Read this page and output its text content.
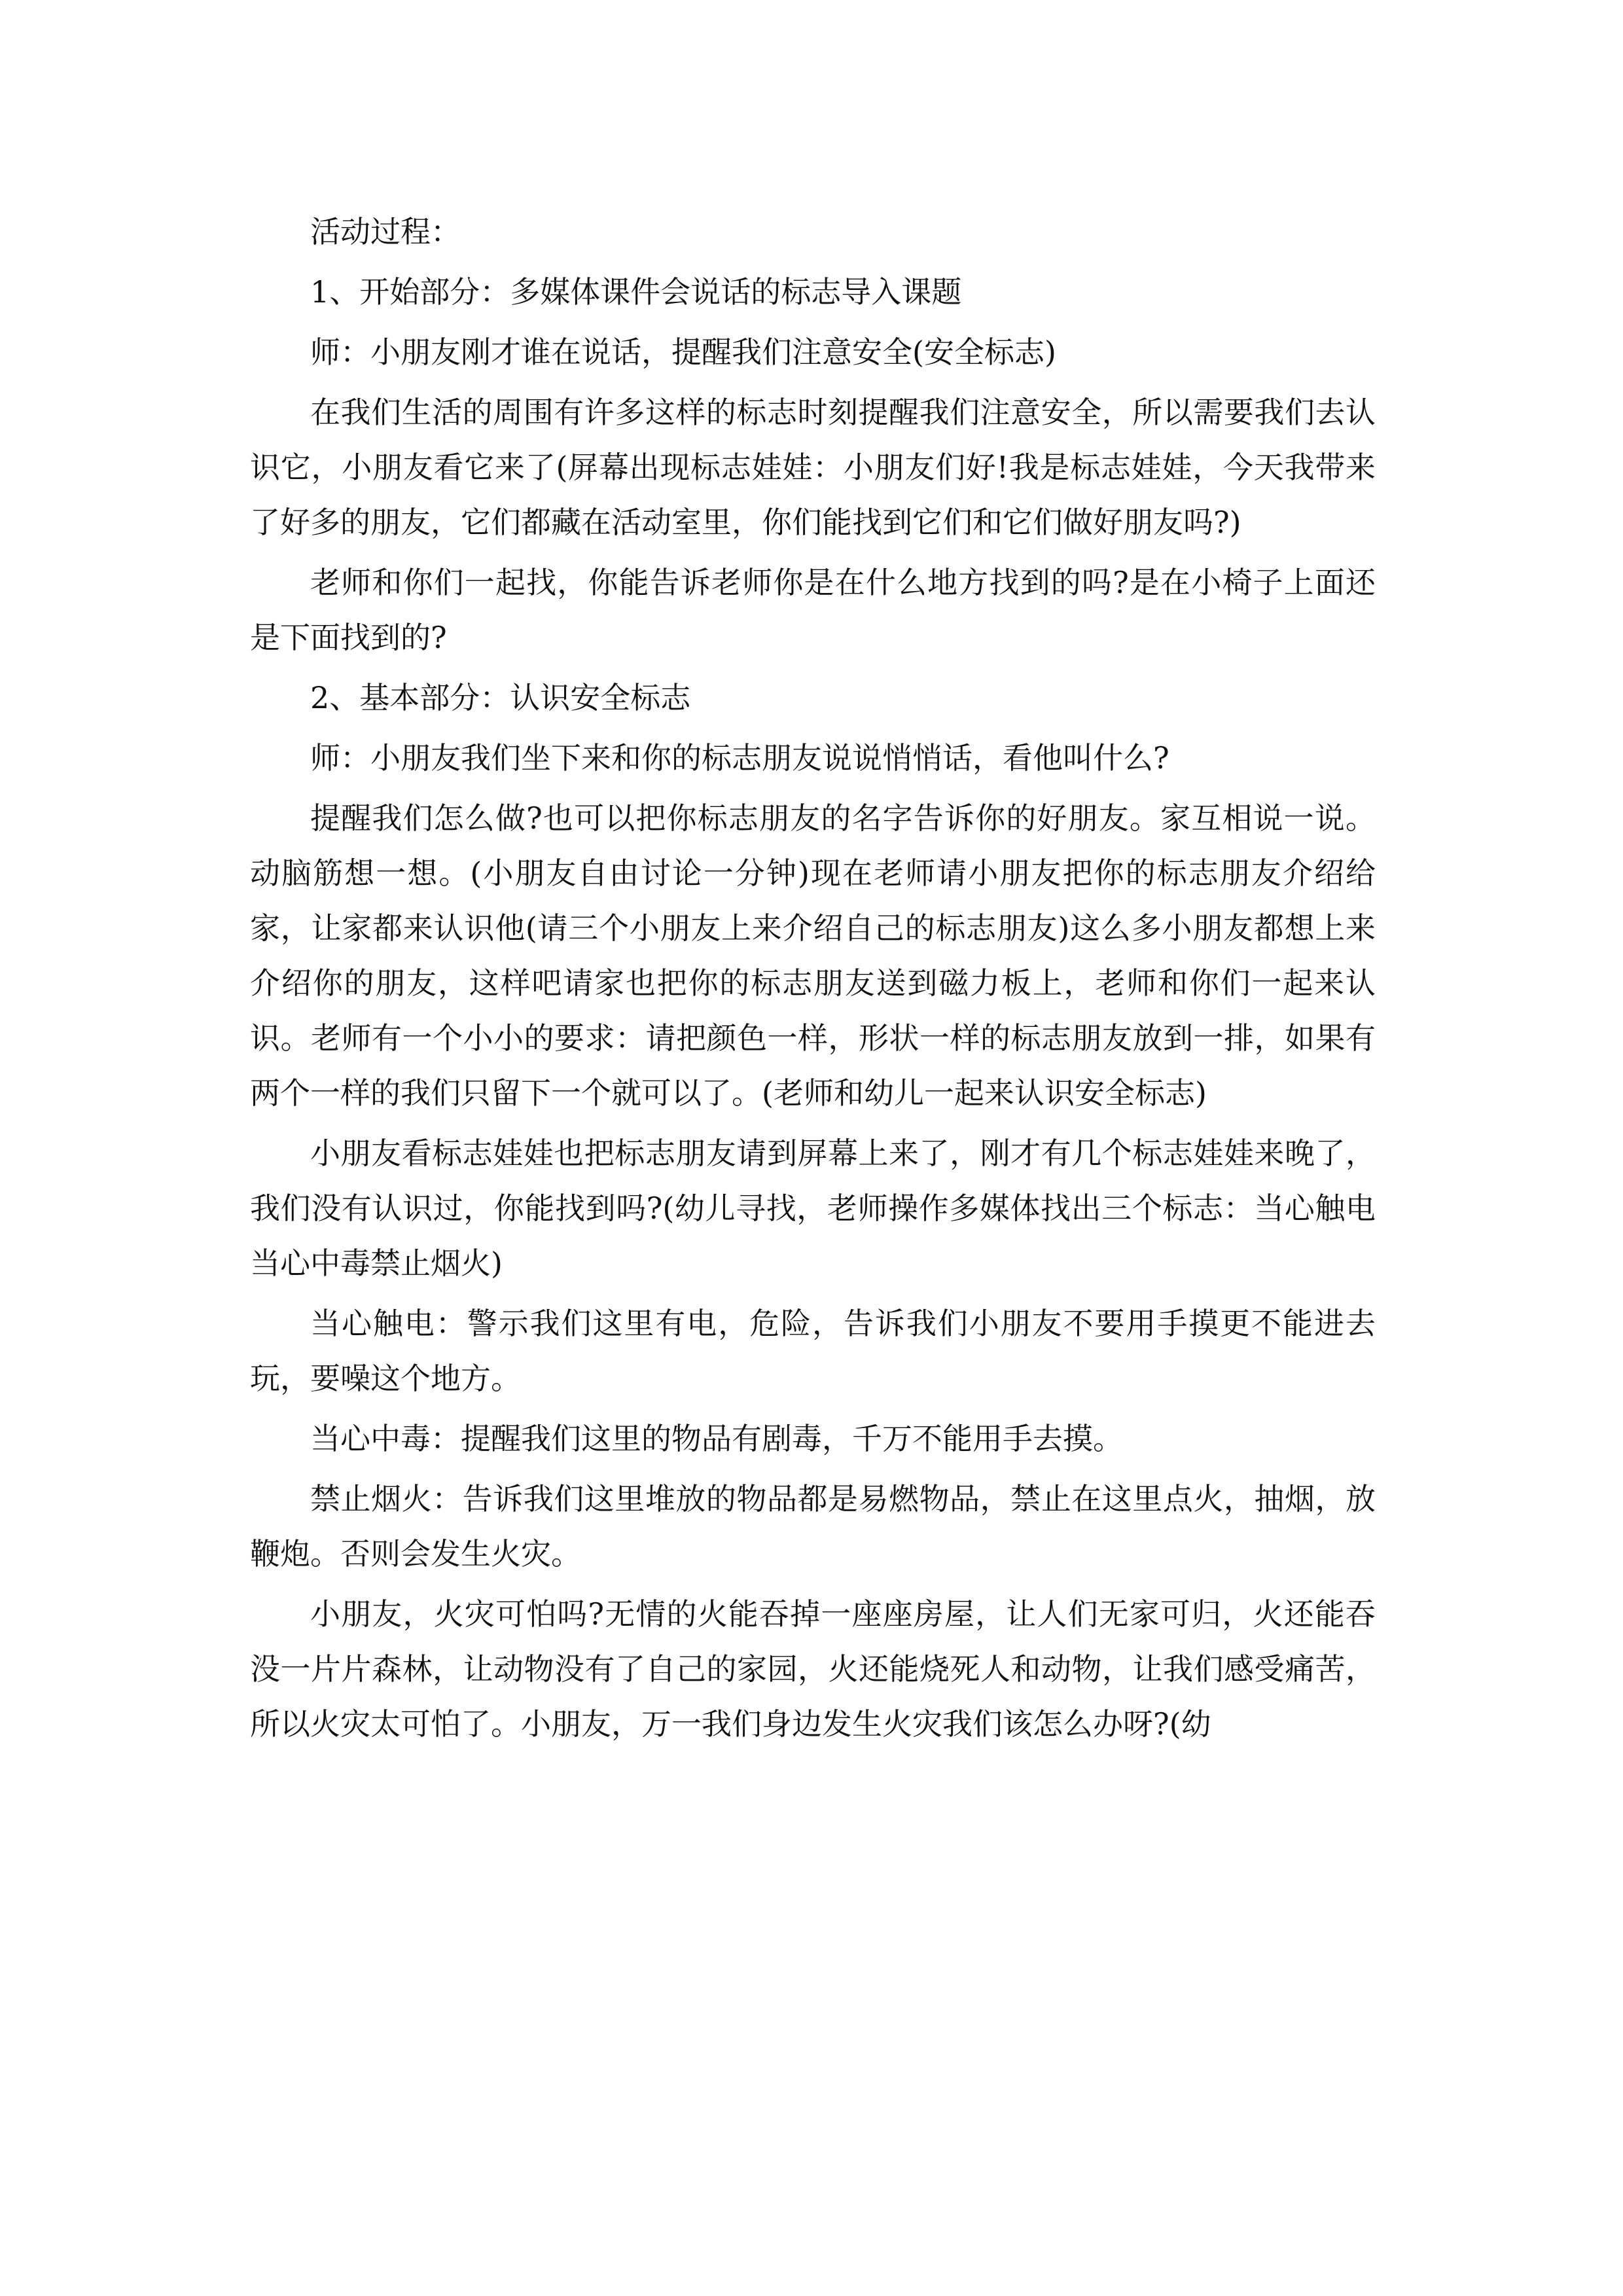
活动过程：

1、开始部分：多媒体课件会说话的标志导入课题

师：小朋友刚才谁在说话，提醒我们注意安全(安全标志)

在我们生活的周围有许多这样的标志时刻提醒我们注意安全，所以需要我们去认识它，小朋友看它来了(屏幕出现标志娃娃：小朋友们好!我是标志娃娃，今天我带来了好多的朋友，它们都藏在活动室里，你们能找到它们和它们做好朋友吗?)

老师和你们一起找，你能告诉老师你是在什么地方找到的吗?是在小椅子上面还是下面找到的?

2、基本部分：认识安全标志

师：小朋友我们坐下来和你的标志朋友说说悄悄话，看他叫什么?

提醒我们怎么做?也可以把你标志朋友的名字告诉你的好朋友。家互相说一说。动脑筋想一想。(小朋友自由讨论一分钟)现在老师请小朋友把你的标志朋友介绍给家，让家都来认识他(请三个小朋友上来介绍自己的标志朋友)这么多小朋友都想上来介绍你的朋友，这样吧请家也把你的标志朋友送到磁力板上，老师和你们一起来认识。老师有一个小小的要求：请把颜色一样，形状一样的标志朋友放到一排，如果有两个一样的我们只留下一个就可以了。(老师和幼儿一起来认识安全标志)

小朋友看标志娃娃也把标志朋友请到屏幕上来了，刚才有几个标志娃娃来晚了，我们没有认识过，你能找到吗?(幼儿寻找，老师操作多媒体找出三个标志：当心触电当心中毒禁止烟火)

当心触电：警示我们这里有电，危险，告诉我们小朋友不要用手摸更不能进去玩，要噪这个地方。

当心中毒：提醒我们这里的物品有剧毒，千万不能用手去摸。

禁止烟火：告诉我们这里堆放的物品都是易燃物品，禁止在这里点火，抽烟，放鞭炮。否则会发生火灾。

小朋友，火灾可怕吗?无情的火能吞掉一座座房屋，让人们无家可归，火还能吞没一片片森林，让动物没有了自己的家园，火还能烧死人和动物，让我们感受痛苦，所以火灾太可怕了。小朋友，万一我们身边发生火灾我们该怎么办呀?(幼
